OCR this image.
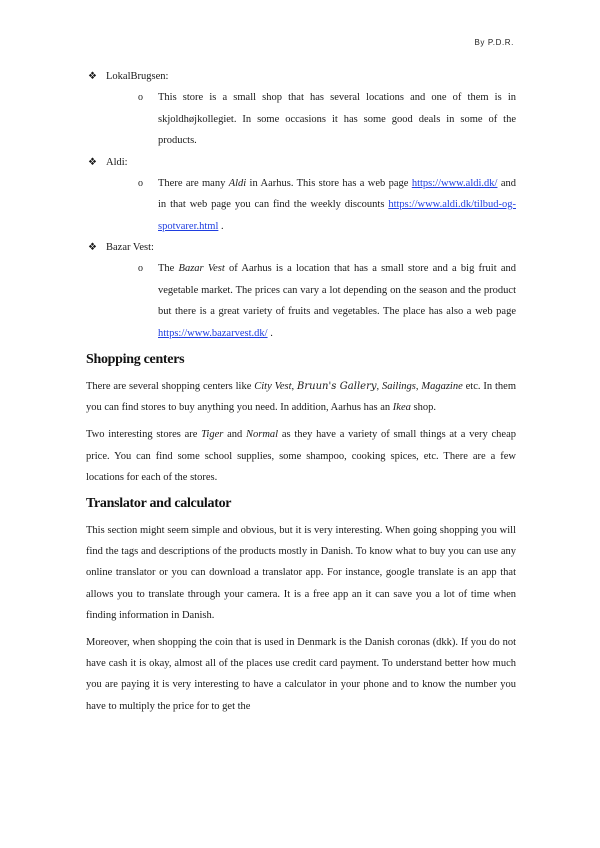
By P.D.R.
❖ LokalBrugsen:
o This store is a small shop that has several locations and one of them is in skjoldhøjkollegiet. In some occasions it has some good deals in some of the products.
❖ Aldi:
o There are many Aldi in Aarhus. This store has a web page https://www.aldi.dk/ and in that web page you can find the weekly discounts https://www.aldi.dk/tilbud-og-spotvarer.html .
❖ Bazar Vest:
o The Bazar Vest of Aarhus is a location that has a small store and a big fruit and vegetable market. The prices can vary a lot depending on the season and the product but there is a great variety of fruits and vegetables. The place has also a web page https://www.bazarvest.dk/ .
Shopping centers

There are several shopping centers like City Vest, Bruun's Gallery, Sailings, Magazine etc. In them you can find stores to buy anything you need. In addition, Aarhus has an Ikea shop.

Two interesting stores are Tiger and Normal as they have a variety of small things at a very cheap price. You can find some school supplies, some shampoo, cooking spices, etc. There are a few locations for each of the stores.

Translator and calculator

This section might seem simple and obvious, but it is very interesting. When going shopping you will find the tags and descriptions of the products mostly in Danish. To know what to buy you can use any online translator or you can download a translator app. For instance, google translate is an app that allows you to translate through your camera. It is a free app an it can save you a lot of time when finding information in Danish.

Moreover, when shopping the coin that is used in Denmark is the Danish coronas (dkk). If you do not have cash it is okay, almost all of the places use credit card payment. To understand better how much you are paying it is very interesting to have a calculator in your phone and to know the number you have to multiply the price for to get the
